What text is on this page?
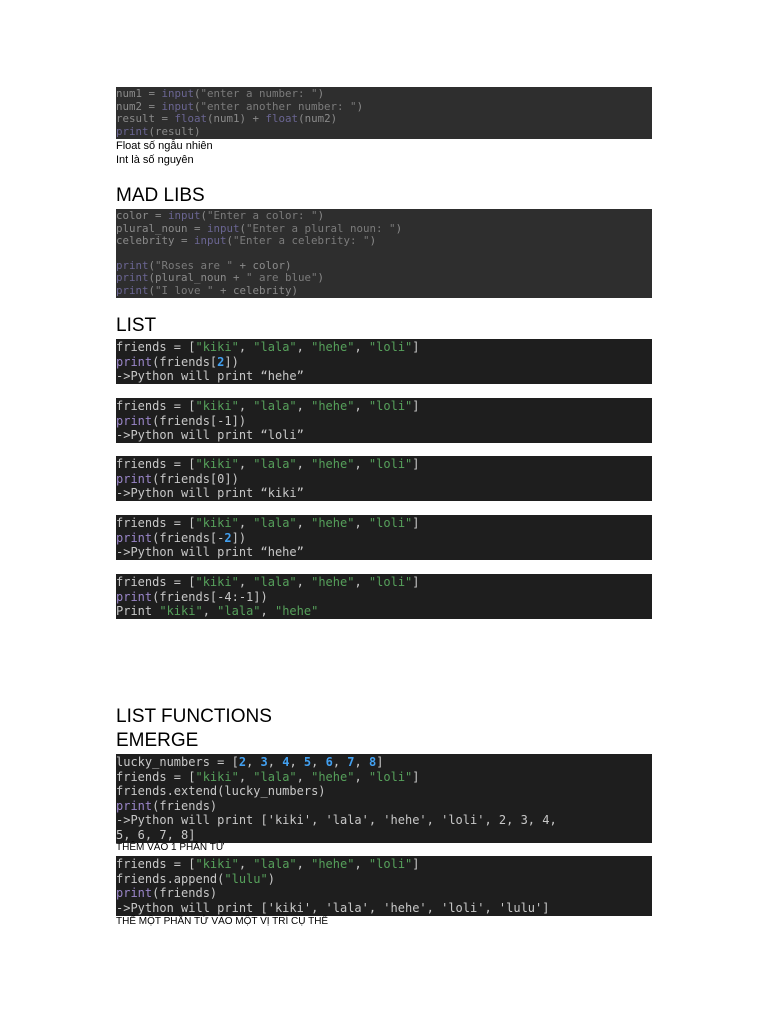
num1 = input("enter a number: ")
num2 = input("enter another number: ")
result = float(num1) + float(num2)
print(result)
Float số ngẫu nhiên
Int là số nguyên
MAD LIBS
color = input("Enter a color: ")
plural_noun = input("Enter a plural noun: ")
celebrity = input("Enter a celebrity: ")
print("Roses are " + color)
print(plural_noun + " are blue")
print("I love " + celebrity)
LIST
friends = ["kiki", "lala", "hehe", "loli"]
print(friends[2])
->Python will print “hehe”
friends = ["kiki", "lala", "hehe", "loli"]
print(friends[-1])
->Python will print “loli”
friends = ["kiki", "lala", "hehe", "loli"]
print(friends[0])
->Python will print “kiki”
friends = ["kiki", "lala", "hehe", "loli"]
print(friends[-2])
->Python will print “hehe”
friends = ["kiki", "lala", "hehe", "loli"]
print(friends[-4:-1])
Print "kiki", "lala", "hehe"
LIST FUNCTIONS
EMERGE
lucky_numbers = [2, 3, 4, 5, 6, 7, 8]
friends = ["kiki", "lala", "hehe", "loli"]
friends.extend(lucky_numbers)
print(friends)
->Python will print ['kiki', 'lala', 'hehe', 'loli', 2, 3, 4,
5, 6, 7, 8]
THÊM VÀO 1 PHẦN TỬ
friends = ["kiki", "lala", "hehe", "loli"]
friends.append("lulu")
print(friends)
->Python will print ['kiki', 'lala', 'hehe', 'loli', 'lulu']
THẾ MỘT PHẦN TỬ VÀO MỘT VỊ TRÍ CỤ THỂ
